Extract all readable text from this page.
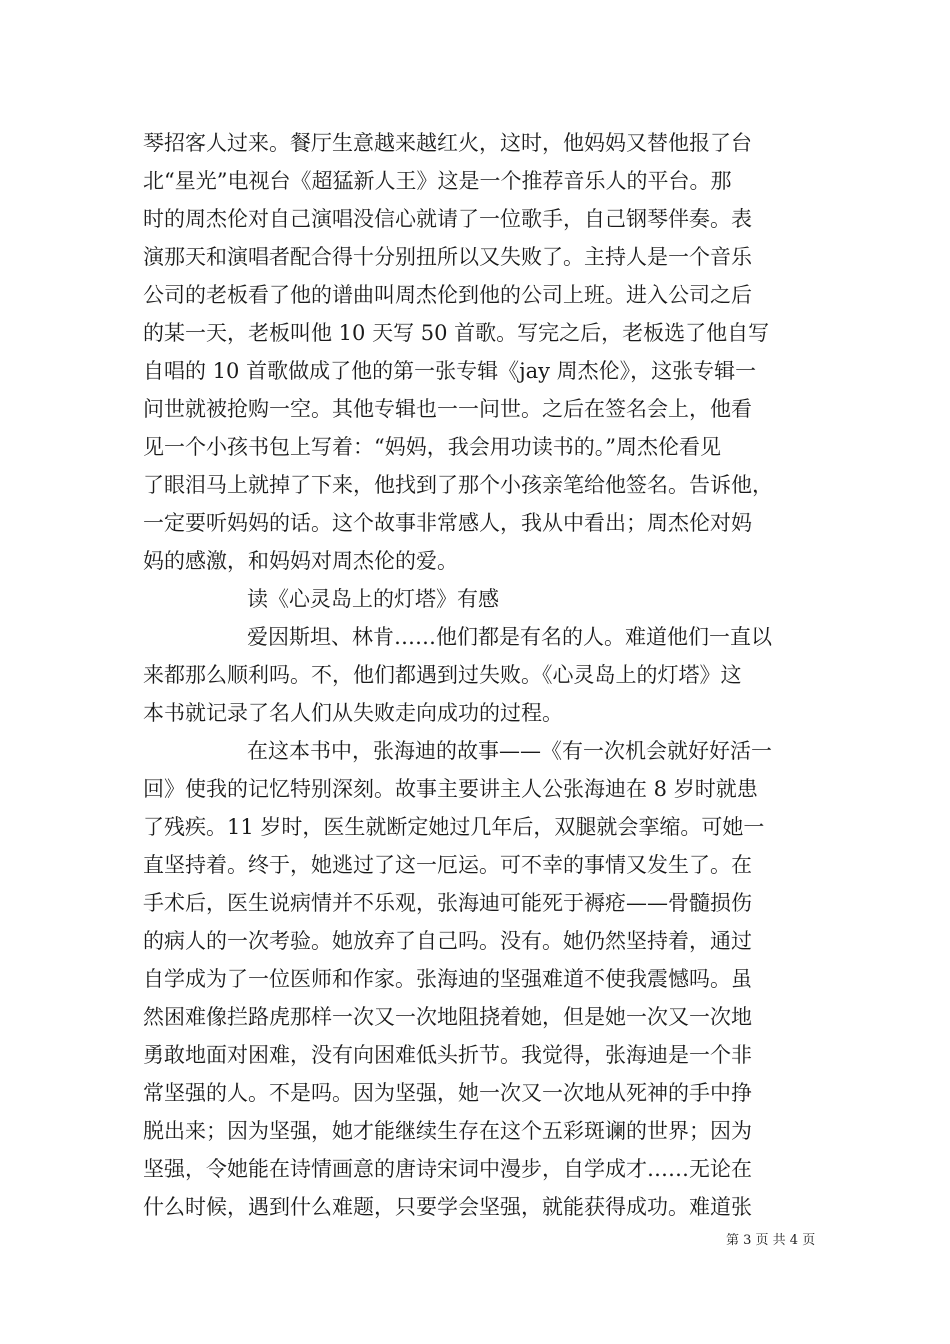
琴招客人过来。餐厅生意越来越红火，这时，他妈妈又替他报了台
北“星光”电视台《超猛新人王》这是一个推荐音乐人的平台。那
时的周杰伦对自己演唱没信心就请了一位歌手，自己钢琴伴奏。表
演那天和演唱者配合得十分别扭所以又失败了。主持人是一个音乐
公司的老板看了他的谱曲叫周杰伦到他的公司上班。进入公司之后
的某一天，老板叫他 10 天写 50 首歌。写完之后，老板选了他自写
自唱的 10 首歌做成了他的第一张专辑《jay 周杰伦》，这张专辑一
问世就被抢购一空。其他专辑也一一问世。之后在签名会上，他看
见一个小孩书包上写着：“妈妈，我会用功读书的。”周杰伦看见
了眼泪马上就掉了下来，他找到了那个小孩亲笔给他签名。告诉他，
一定要听妈妈的话。这个故事非常感人，我从中看出；周杰伦对妈
妈的感激，和妈妈对周杰伦的爱。
读《心灵岛上的灯塔》有感
爱因斯坦、林肯……他们都是有名的人。难道他们一直以
来都那么顺利吗。不，他们都遇到过失败。《心灵岛上的灯塔》这
本书就记录了名人们从失败走向成功的过程。
在这本书中，张海迪的故事——《有一次机会就好好活一
回》使我的记忆特别深刻。故事主要讲主人公张海迪在 8 岁时就患
了残疾。11 岁时，医生就断定她过几年后，双腿就会挛缩。可她一
直坚持着。终于，她逃过了这一厄运。可不幸的事情又发生了。在
手术后，医生说病情并不乐观，张海迪可能死于褥疮——骨髓损伤
的病人的一次考验。她放弃了自己吗。没有。她仍然坚持着，通过
自学成为了一位医师和作家。张海迪的坚强难道不使我震憾吗。虽
然困难像拦路虎那样一次又一次地阻挠着她，但是她一次又一次地
勇敢地面对困难，没有向困难低头折节。我觉得，张海迪是一个非
常坚强的人。不是吗。因为坚强，她一次又一次地从死神的手中挣
脱出来；因为坚强，她才能继续生存在这个五彩斑谰的世界；因为
坚强，令她能在诗情画意的唐诗宋词中漫步，自学成才……无论在
什么时候，遇到什么难题，只要学会坚强，就能获得成功。难道张
第 3 页 共 4 页
